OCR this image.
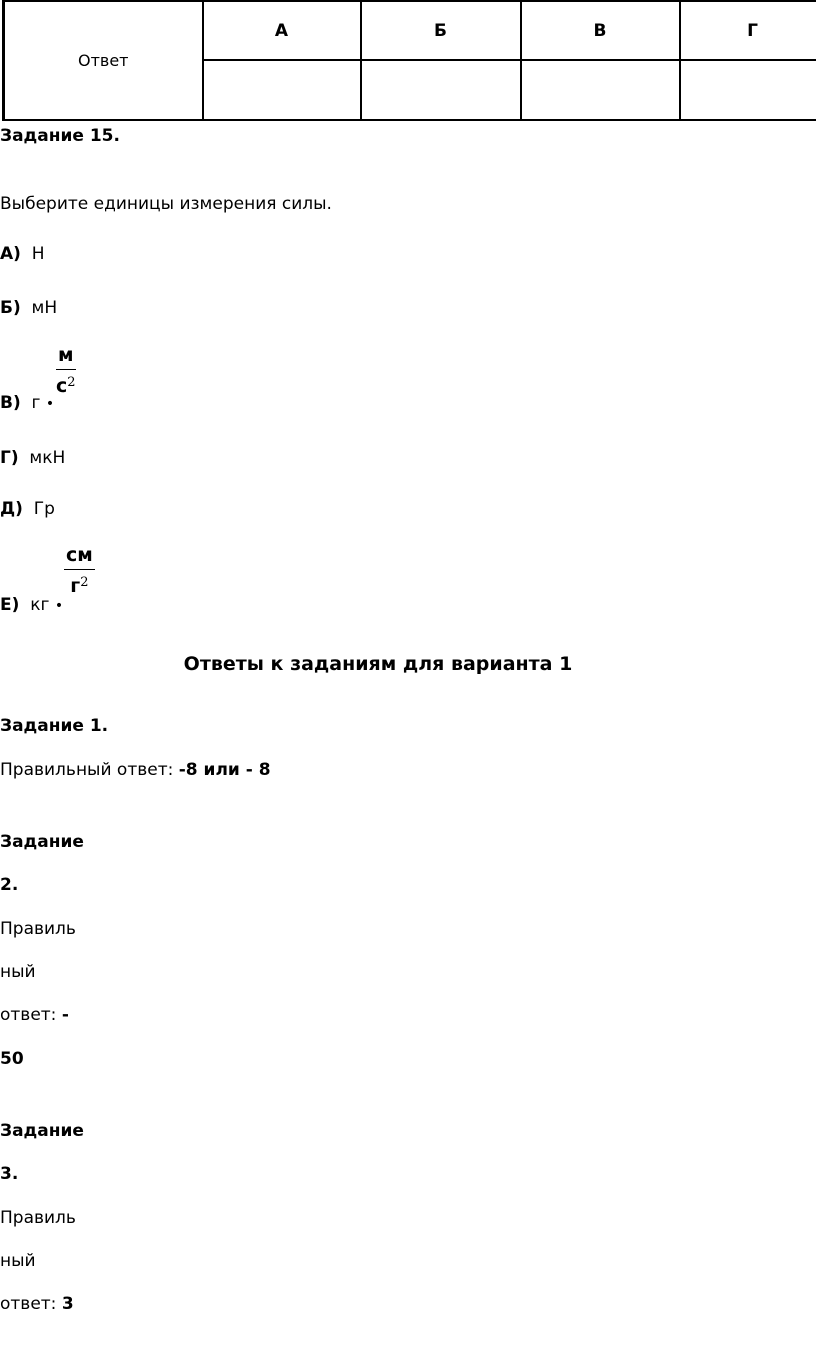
Ответ	А	Б	В	Г

Задание 15.
Выберите единицы измерения силы.
А) Н
Б) мН
В) г •
м
$с^2$
Г) мкН
Д) Гр
Е) кг •
см
$г^2$
Ответы к заданиям для варианта 1
Задание 1.
Правильный ответ: -8 или - 8
Задание
2.
Правиль
ный
ответ: -
50
Задание
3.
Правиль
ный
ответ: 3
